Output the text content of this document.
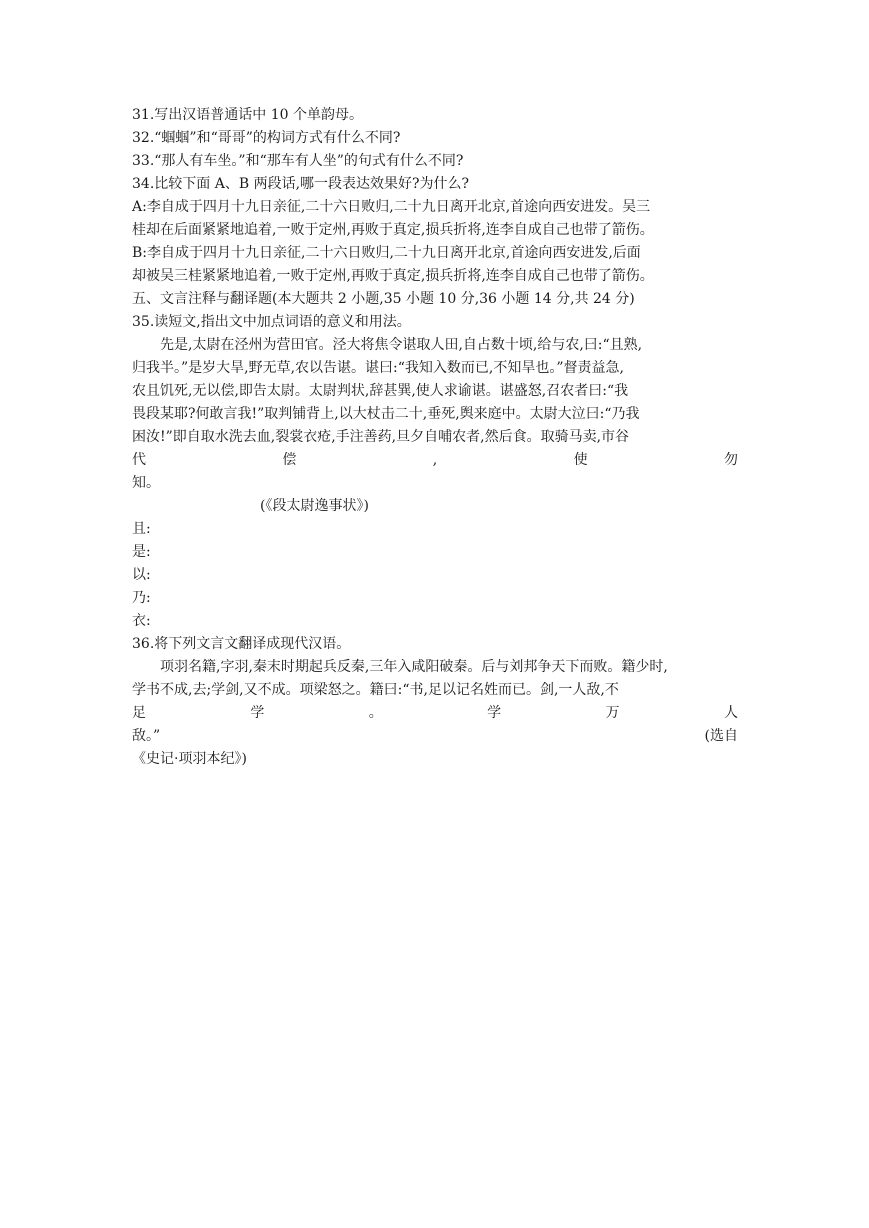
31.写出汉语普通话中 10 个单韵母。
32.“蝈蝈”和“哥哥”的构词方式有什么不同?
33.“那人有车坐。”和“那车有人坐”的句式有什么不同?
34.比较下面 A、B 两段话,哪一段表达效果好?为什么?
A:李自成于四月十九日亲征,二十六日败归,二十九日离开北京,首途向西安进发。吴三
桂却在后面紧紧地追着,一败于定州,再败于真定,损兵折将,连李自成自己也带了箭伤。
B:李自成于四月十九日亲征,二十六日败归,二十九日离开北京,首途向西安进发,后面
却被吴三桂紧紧地追着,一败于定州,再败于真定,损兵折将,连李自成自己也带了箭伤。
五、文言注释与翻译题(本大题共 2 小题,35 小题 10 分,36 小题 14 分,共 24 分)
35.读短文,指出文中加点词语的意义和用法。
先是,太尉在泾州为营田官。泾大将焦令谌取人田,自占数十顷,给与农,曰:“且熟,
归我半。”是岁大旱,野无草,农以告谌。谌曰:“我知入数而已,不知旱也。”督责益急,
农且饥死,无以偿,即告太尉。太尉判状,辞甚巽,使人求谕谌。谌盛怒,召农者曰:“我
畏段某耶?何敢言我!”取判铺背上,以大杖击二十,垂死,舆来庭中。太尉大泣曰:“乃我
困汝!”即自取水洗去血,裂裳衣疮,手注善药,旦夕自哺农者,然后食。取骑马卖,市谷
代	偿	,	使	勿
知。
(《段太尉逸事状》)
且:
是:
以:
乃:
衣:
36.将下列文言文翻译成现代汉语。
项羽名籍,字羽,秦末时期起兵反秦,三年入咸阳破秦。后与刘邦争天下而败。籍少时,
学书不成,去;学剑,又不成。项梁怒之。籍曰:“书,足以记名姓而已。剑,一人敌,不
足	学	。	学	万	人
敌。”	(选自
《史记·项羽本纪》)
